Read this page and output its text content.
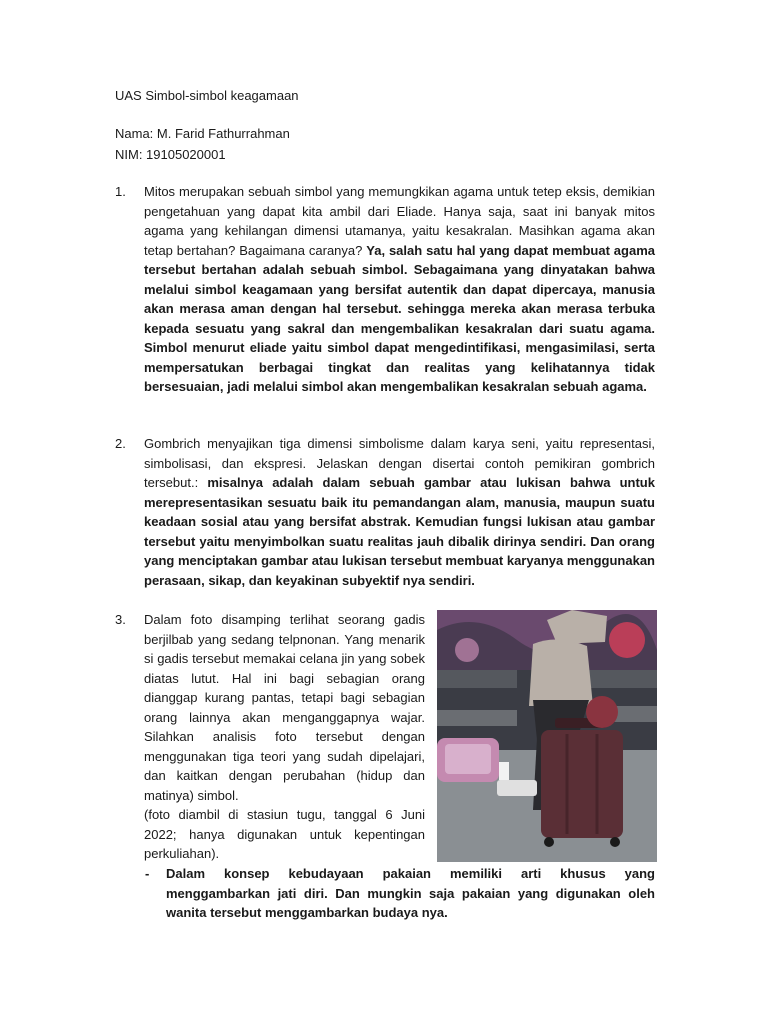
UAS Simbol-simbol keagamaan
Nama: M. Farid Fathurrahman
NIM: 19105020001
1. Mitos merupakan sebuah simbol yang memungkikan agama untuk tetep eksis, demikian pengetahuan yang dapat kita ambil dari Eliade. Hanya saja, saat ini banyak mitos agama yang kehilangan dimensi utamanya, yaitu kesakralan. Masihkan agama akan tetap bertahan? Bagaimana caranya? Ya, salah satu hal yang dapat membuat agama tersebut bertahan adalah sebuah simbol. Sebagaimana yang dinyatakan bahwa melalui simbol keagamaan yang bersifat autentik dan dapat dipercaya, manusia akan merasa aman dengan hal tersebut. sehingga mereka akan merasa terbuka kepada sesuatu yang sakral dan mengembalikan kesakralan dari suatu agama. Simbol menurut eliade yaitu simbol dapat mengedintifikasi, mengasimilasi, serta mempersatukan berbagai tingkat dan realitas yang kelihatannya tidak bersesuaian, jadi melalui simbol akan mengembalikan kesakralan sebuah agama.
2. Gombrich menyajikan tiga dimensi simbolisme dalam karya seni, yaitu representasi, simbolisasi, dan ekspresi. Jelaskan dengan disertai contoh pemikiran gombrich tersebut.: misalnya adalah dalam sebuah gambar atau lukisan bahwa untuk merepresentasikan sesuatu baik itu pemandangan alam, manusia, maupun suatu keadaan sosial atau yang bersifat abstrak. Kemudian fungsi lukisan atau gambar tersebut yaitu menyimbolkan suatu realitas jauh dibalik dirinya sendiri. Dan orang yang menciptakan gambar atau lukisan tersebut membuat karyanya menggunakan perasaan, sikap, dan keyakinan subyektif nya sendiri.
3. Dalam foto disamping terlihat seorang gadis berjilbab yang sedang telpnonan. Yang menarik si gadis tersebut memakai celana jin yang sobek diatas lutut. Hal ini bagi sebagian orang dianggap kurang pantas, tetapi bagi sebagian orang lainnya akan menganggapnya wajar. Silahkan analisis foto tersebut dengan menggunakan tiga teori yang sudah dipelajari, dan kaitkan dengan perubahan (hidup dan matinya) simbol.
(foto diambil di stasiun tugu, tanggal 6 Juni 2022; hanya digunakan untuk kepentingan perkuliahan).
- Dalam konsep kebudayaan pakaian memiliki arti khusus yang menggambarkan jati diri. Dan mungkin saja pakaian yang digunakan oleh wanita tersebut menggambarkan budaya nya.
